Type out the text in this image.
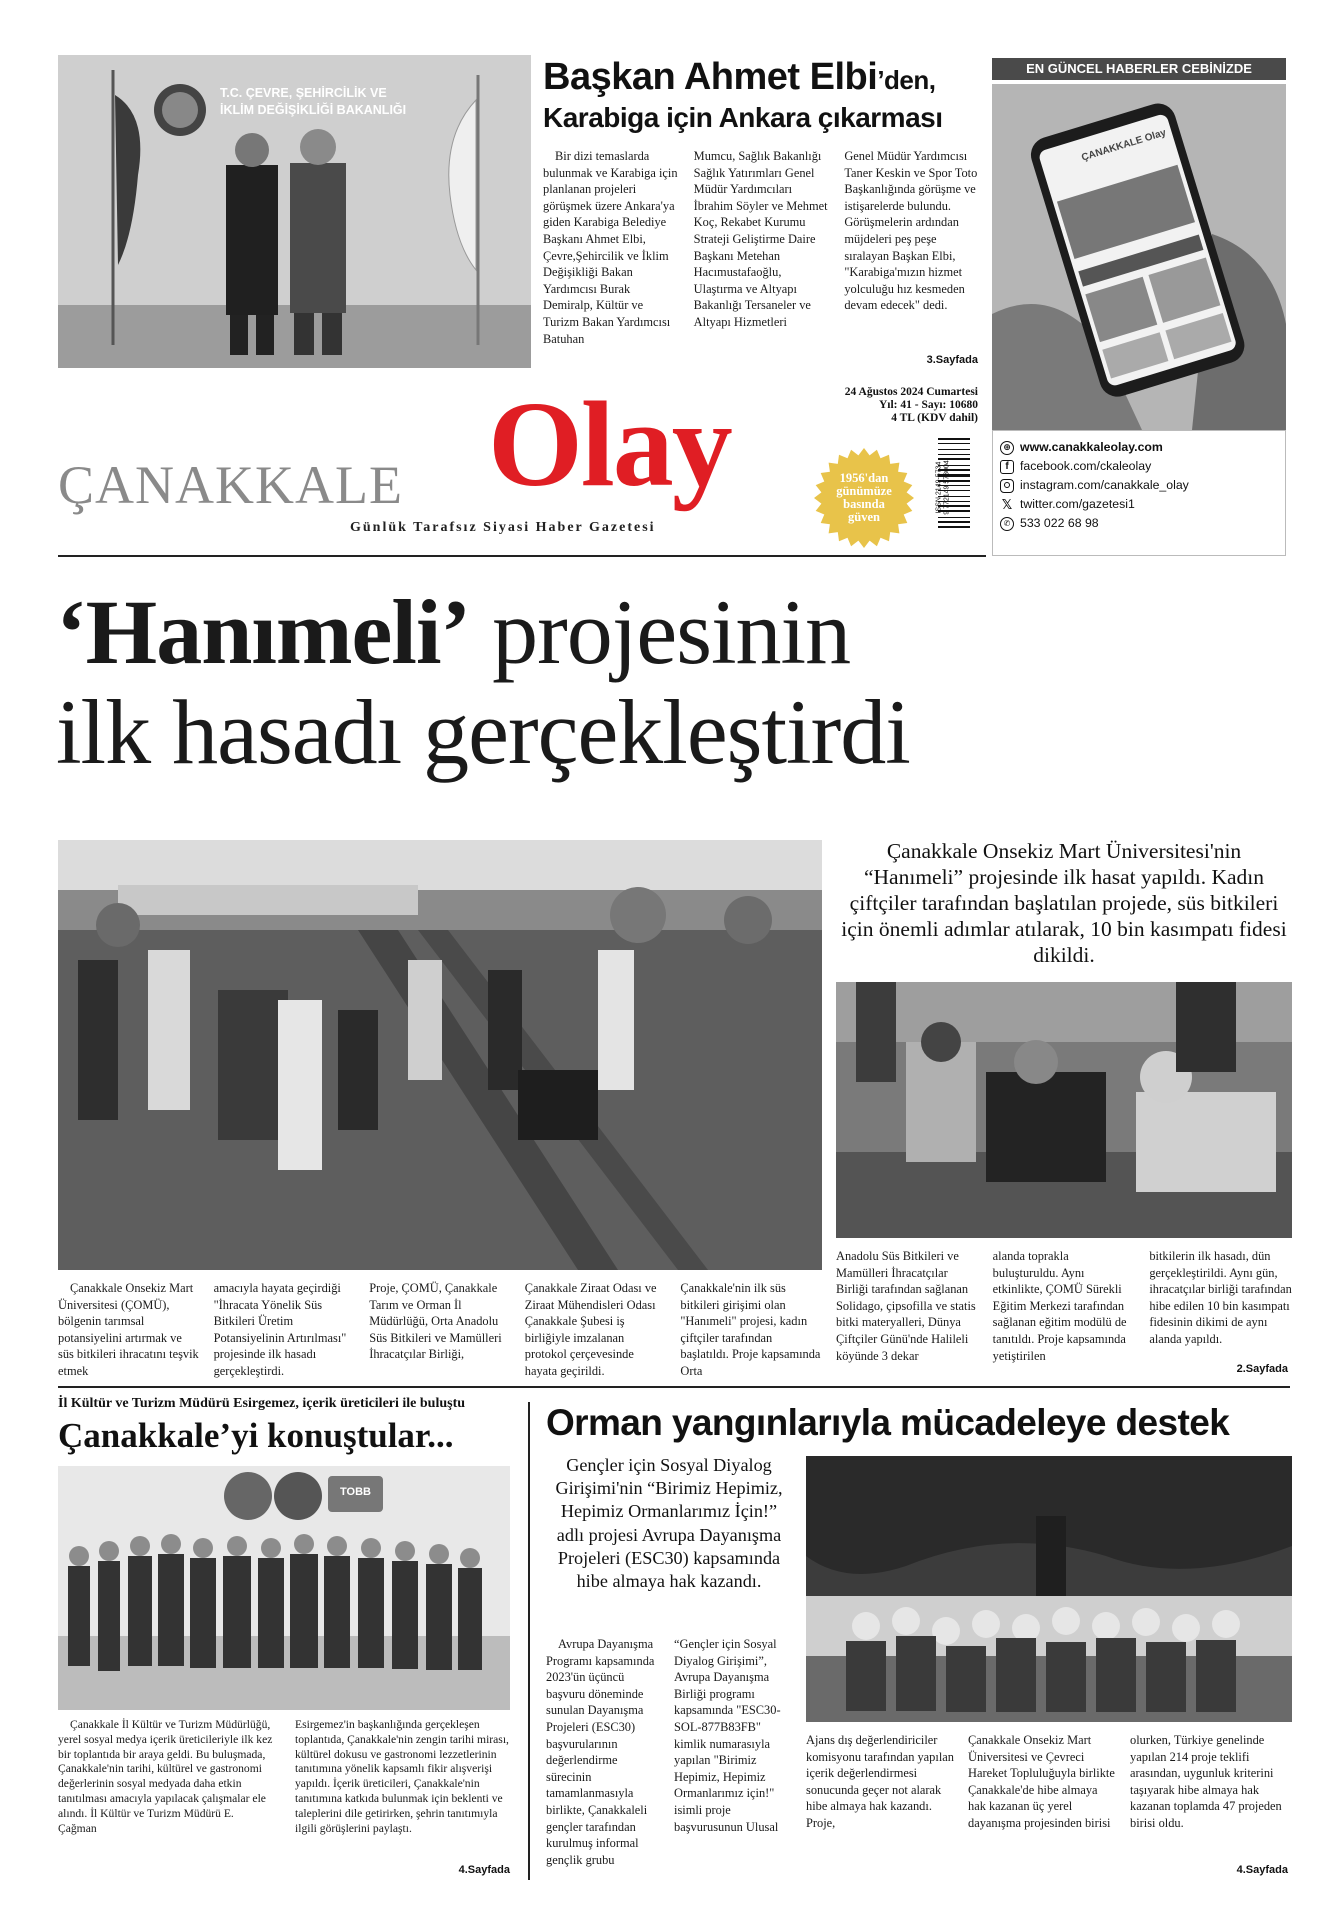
T.C. ÇEVRE, ŞEHİRCİLİK VE
İKLİM DEĞİŞİKLİĞİ BAKANLIĞI
Başkan Ahmet Elbi’den,
Karabiga için Ankara çıkarması

Bir dizi temaslarda bulunmak ve Karabiga için planlanan projeleri görüşmek üzere Ankara'ya giden Karabiga Belediye Başkanı Ahmet Elbi, Çevre,Şehircilik ve İklim Değişikliği Bakan Yardımcısı Burak Demiralp, Kültür ve Turizm Bakan Yardımcısı Batuhan

Mumcu, Sağlık Bakanlığı Sağlık Yatırımları Genel Müdür Yardımcıları İbrahim Söyler ve Mehmet Koç, Rekabet Kurumu Strateji Geliştirme Daire Başkanı Metehan Hacımustafaoğlu, Ulaştırma ve Altyapı Bakanlığı Tersaneler ve Altyapı Hizmetleri

Genel Müdür Yardımcısı Taner Keskin ve Spor Toto Başkanlığında görüşme ve istişarelerde bulundu. Görüşmelerin ardından müjdeleri peş peşe sıralayan Başkan Elbi, "Karabiga'mızın hizmet yolculuğu hız kesmeden devam edecek" dedi.

3.Sayfada
EN GÜNCEL HABERLER CEBİNİZDE
ÇANAKKALE Olay
⊕ www.canakkaleolay.com
f facebook.com/ckaleolay
instagram.com/canakkale_olay
𝕏 twitter.com/gazetesi1
✆ 533 022 68 98
24 Ağustos 2024 Cumartesi
Yıl: 41 - Sayı: 10680
4 TL (KDV dahil)
ÇANAKKALE Olay
Günlük Tarafsız Siyasi Haber Gazetesi
1956'dan
günümüze
basında
güven
ISSN 2149-5734 9 772149 573004
‘Hanımeli’ projesinin
ilk hasadı gerçekleştirdi
Çanakkale Onsekiz Mart Üniversitesi'nin “Hanımeli” projesinde ilk hasat yapıldı. Kadın çiftçiler tarafından başlatılan projede, süs bitkileri için önemli adımlar atılarak, 10 bin kasımpatı fidesi dikildi.

Çanakkale Onsekiz Mart Üniversitesi (ÇOMÜ), bölgenin tarımsal potansiyelini artırmak ve süs bitkileri ihracatını teşvik etmek

amacıyla hayata geçirdiği "İhracata Yönelik Süs Bitkileri Üretim Potansiyelinin Artırılması" projesinde ilk hasadı gerçekleştirdi.

Proje, ÇOMÜ, Çanakkale Tarım ve Orman İl Müdürlüğü, Orta Anadolu Süs Bitkileri ve Mamülleri İhracatçılar Birliği,

Çanakkale Ziraat Odası ve Ziraat Mühendisleri Odası Çanakkale Şubesi iş birliğiyle imzalanan protokol çerçevesinde hayata geçirildi.

Çanakkale'nin ilk süs bitkileri girişimi olan "Hanımeli" projesi, kadın çiftçiler tarafından başlatıldı. Proje kapsamında Orta

Anadolu Süs Bitkileri ve Mamülleri İhracatçılar Birliği tarafından sağlanan Solidago, çipsofilla ve statis bitki materyalleri, Dünya Çiftçiler Günü'nde Halileli köyünde 3 dekar

alanda toprakla buluşturuldu. Aynı etkinlikte, ÇOMÜ Sürekli Eğitim Merkezi tarafından sağlanan eğitim modülü de tanıtıldı. Proje kapsamında yetiştirilen

bitkilerin ilk hasadı, dün gerçekleştirildi. Aynı gün, ihracatçılar birliği tarafından hibe edilen 10 bin kasımpatı fidesinin dikimi de aynı alanda yapıldı.

2.Sayfada
İl Kültür ve Turizm Müdürü Esirgemez, içerik üreticileri ile buluştu
Çanakkale’yi konuştular...
TOBB

Çanakkale İl Kültür ve Turizm Müdürlüğü, yerel sosyal medya içerik üreticileriyle ilk kez bir toplantıda bir araya geldi. Bu buluşmada, Çanakkale'nin tarihi, kültürel ve gastronomi değerlerinin sosyal medyada daha etkin tanıtılması amacıyla yapılacak çalışmalar ele alındı. İl Kültür ve Turizm Müdürü E. Çağman

Esirgemez'in başkanlığında gerçekleşen toplantıda, Çanakkale'nin zengin tarihi mirası, kültürel dokusu ve gastronomi lezzetlerinin tanıtımına yönelik kapsamlı fikir alışverişi yapıldı. İçerik üreticileri, Çanakkale'nin tanıtımına katkıda bulunmak için beklenti ve taleplerini dile getirirken, şehrin tanıtımıyla ilgili görüşlerini paylaştı.

4.Sayfada
Orman yangınlarıyla mücadeleye destek
Gençler için Sosyal Diyalog Girişimi'nin “Birimiz Hepimiz, Hepimiz Ormanlarımız İçin!” adlı projesi Avrupa Dayanışma Projeleri (ESC30) kapsamında hibe almaya hak kazandı.

Avrupa Dayanışma Programı kapsamında 2023'ün üçüncü başvuru döneminde sunulan Dayanışma Projeleri (ESC30) başvurularının değerlendirme sürecinin tamamlanmasıyla birlikte, Çanakkaleli gençler tarafından kurulmuş informal gençlik grubu

“Gençler için Sosyal Diyalog Girişimi”, Avrupa Dayanışma Birliği programı kapsamında "ESC30-SOL-877B83FB" kimlik numarasıyla yapılan "Birimiz Hepimiz, Hepimiz Ormanlarımız için!" isimli proje başvurusunun Ulusal

Ajans dış değerlendiriciler komisyonu tarafından yapılan içerik değerlendirmesi sonucunda geçer not alarak hibe almaya hak kazandı. Proje,

Çanakkale Onsekiz Mart Üniversitesi ve Çevreci Hareket Topluluğuyla birlikte Çanakkale'de hibe almaya hak kazanan üç yerel dayanışma projesinden birisi

olurken, Türkiye genelinde yapılan 214 proje teklifi arasından, uygunluk kriterini taşıyarak hibe almaya hak kazanan toplamda 47 projeden birisi oldu.

4.Sayfada
